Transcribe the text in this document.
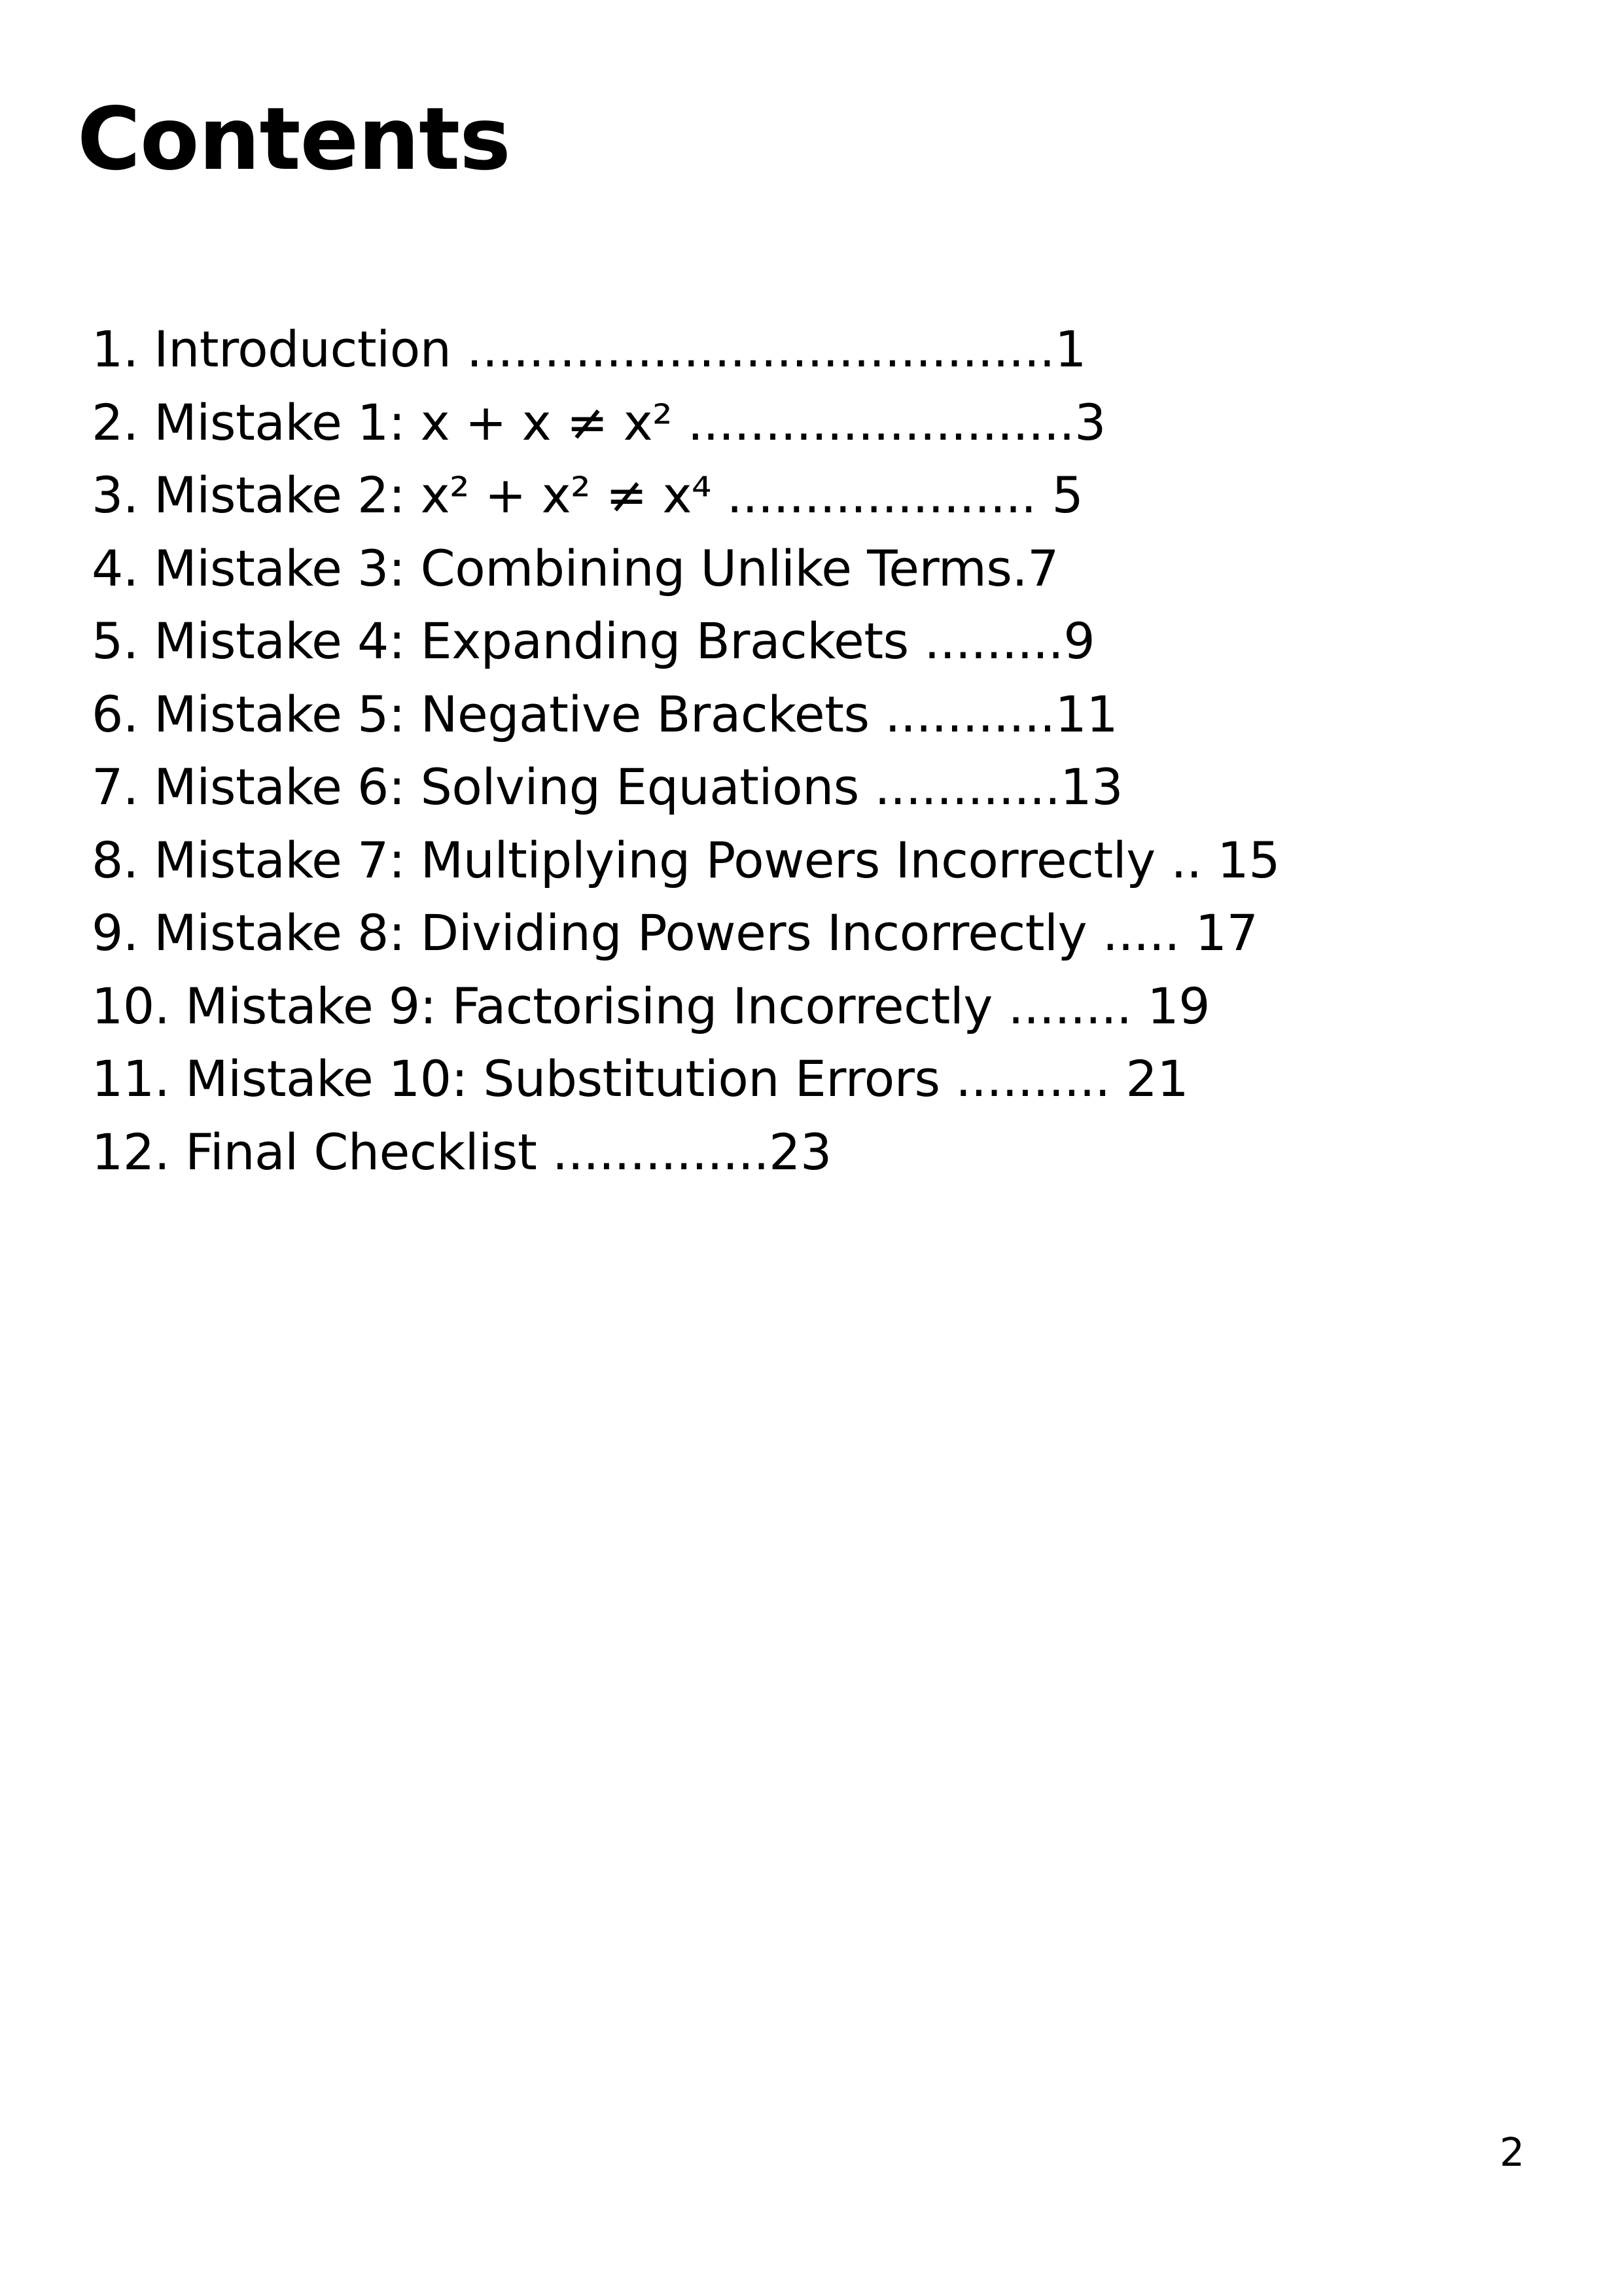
Contents
1. Introduction ......................................1
2. Mistake 1: x + x ≠ x² .........................3
3. Mistake 2: x² + x² ≠ x⁴ .................... 5
4. Mistake 3: Combining Unlike Terms.7
5. Mistake 4: Expanding Brackets .........9
6. Mistake 5: Negative Brackets ...........11
7. Mistake 6: Solving Equations ............13
8. Mistake 7: Multiplying Powers Incorrectly .. 15
9. Mistake 8: Dividing Powers Incorrectly ..... 17
10. Mistake 9: Factorising Incorrectly ........ 19
11. Mistake 10: Substitution Errors .......... 21
12. Final Checklist ..............23
2
